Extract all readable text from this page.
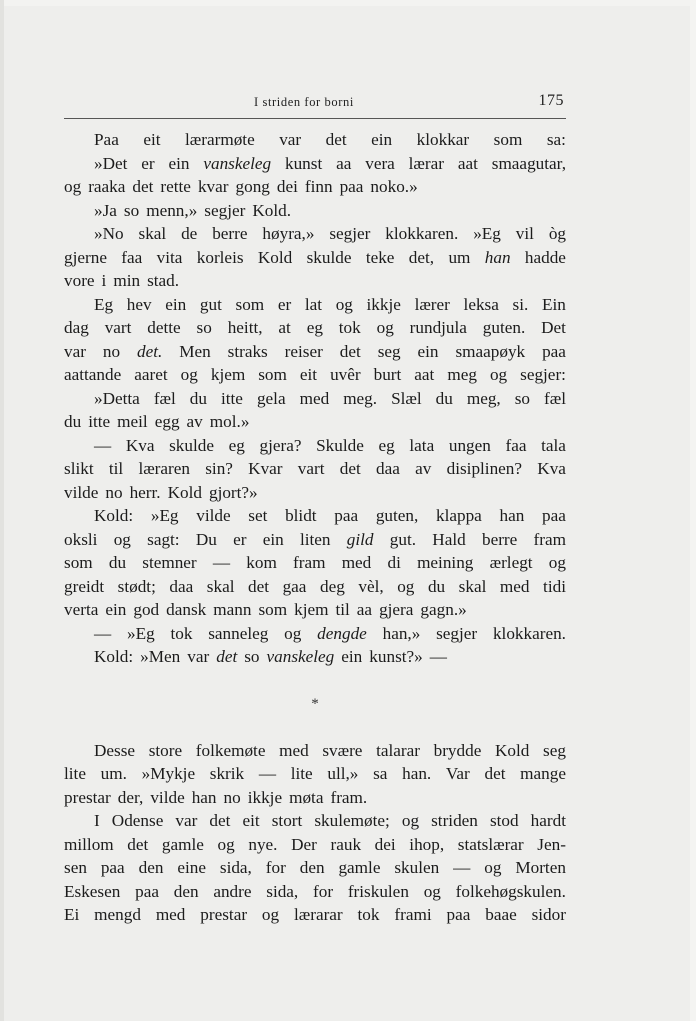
I striden for borni	175
Paa eit lærarmøte var det ein klokkar som sa:
»Det er ein vanskeleg kunst aa vera lærar aat smaagutar,
og raaka det rette kvar gong dei finn paa noko.»
»Ja so menn,» segjer Kold.
»No skal de berre høyra,» segjer klokkaren. »Eg vil òg
gjerne faa vita korleis Kold skulde teke det, um han hadde
vore i min stad.
Eg hev ein gut som er lat og ikkje lærer leksa si. Ein
dag vart dette so heitt, at eg tok og rundjula guten. Det
var no det. Men straks reiser det seg ein smaapøyk paa
aattande aaret og kjem som eit uvêr burt aat meg og segjer:
»Detta fæl du itte gela med meg. Slæl du meg, so fæl
du itte meil egg av mol.»
— Kva skulde eg gjera? Skulde eg lata ungen faa tala
slikt til læraren sin? Kvar vart det daa av disiplinen? Kva
vilde no herr. Kold gjort?»
Kold: »Eg vilde set blidt paa guten, klappa han paa
oksli og sagt: Du er ein liten gild gut. Hald berre fram
som du stemner — kom fram med di meining ærlegt og
greidt stødt; daa skal det gaa deg vèl, og du skal med tidi
verta ein god dansk mann som kjem til aa gjera gagn.»
— »Eg tok sanneleg og dengde han,» segjer klokkaren.
Kold: »Men var det so vanskeleg ein kunst?» —
*
Desse store folkemøte med svære talarar brydde Kold seg
lite um. »Mykje skrik — lite ull,» sa han. Var det mange
prestar der, vilde han no ikkje møta fram.
I Odense var det eit stort skulemøte; og striden stod hardt
millom det gamle og nye. Der rauk dei ihop, statslærar Jen-
sen paa den eine sida, for den gamle skulen — og Morten
Eskesen paa den andre sida, for friskulen og folkehøgskulen.
Ei mengd med prestar og lærarar tok frami paa baae sidor
